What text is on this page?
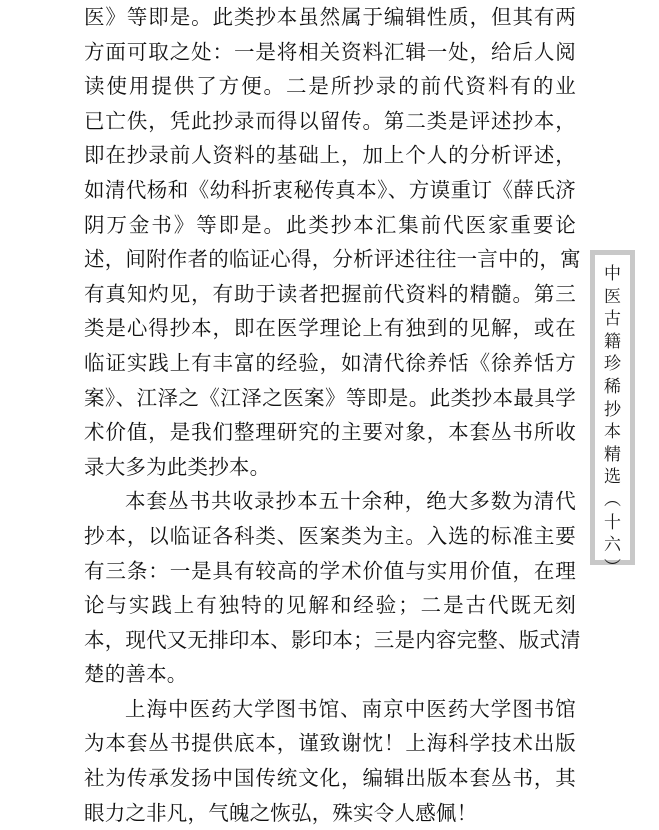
医》等即是。此类抄本虽然属于编辑性质，但其有两
方面可取之处：一是将相关资料汇辑一处，给后人阅
读使用提供了方便。二是所抄录的前代资料有的业
已亡佚，凭此抄录而得以留传。第二类是评述抄本，
即在抄录前人资料的基础上，加上个人的分析评述，
如清代杨和《幼科折衷秘传真本》、方谟重订《薛氏济
阴万金书》等即是。此类抄本汇集前代医家重要论
述，间附作者的临证心得，分析评述往往一言中的，寓
有真知灼见，有助于读者把握前代资料的精髓。第三
类是心得抄本，即在医学理论上有独到的见解，或在
临证实践上有丰富的经验，如清代徐养恬《徐养恬方
案》、江泽之《江泽之医案》等即是。此类抄本最具学
术价值，是我们整理研究的主要对象，本套丛书所收
录大多为此类抄本。
本套丛书共收录抄本五十余种，绝大多数为清代
抄本，以临证各科类、医案类为主。入选的标准主要
有三条：一是具有较高的学术价值与实用价值，在理
论与实践上有独特的见解和经验；二是古代既无刻
本，现代又无排印本、影印本；三是内容完整、版式清
楚的善本。
上海中医药大学图书馆、南京中医药大学图书馆
为本套丛书提供底本，谨致谢忱！上海科学技术出版
社为传承发扬中国传统文化，编辑出版本套丛书，其
眼力之非凡，气魄之恢弘，殊实令人感佩！
中
医
古
籍
珍
稀
抄
本
精
选
︵
十
六
︶
